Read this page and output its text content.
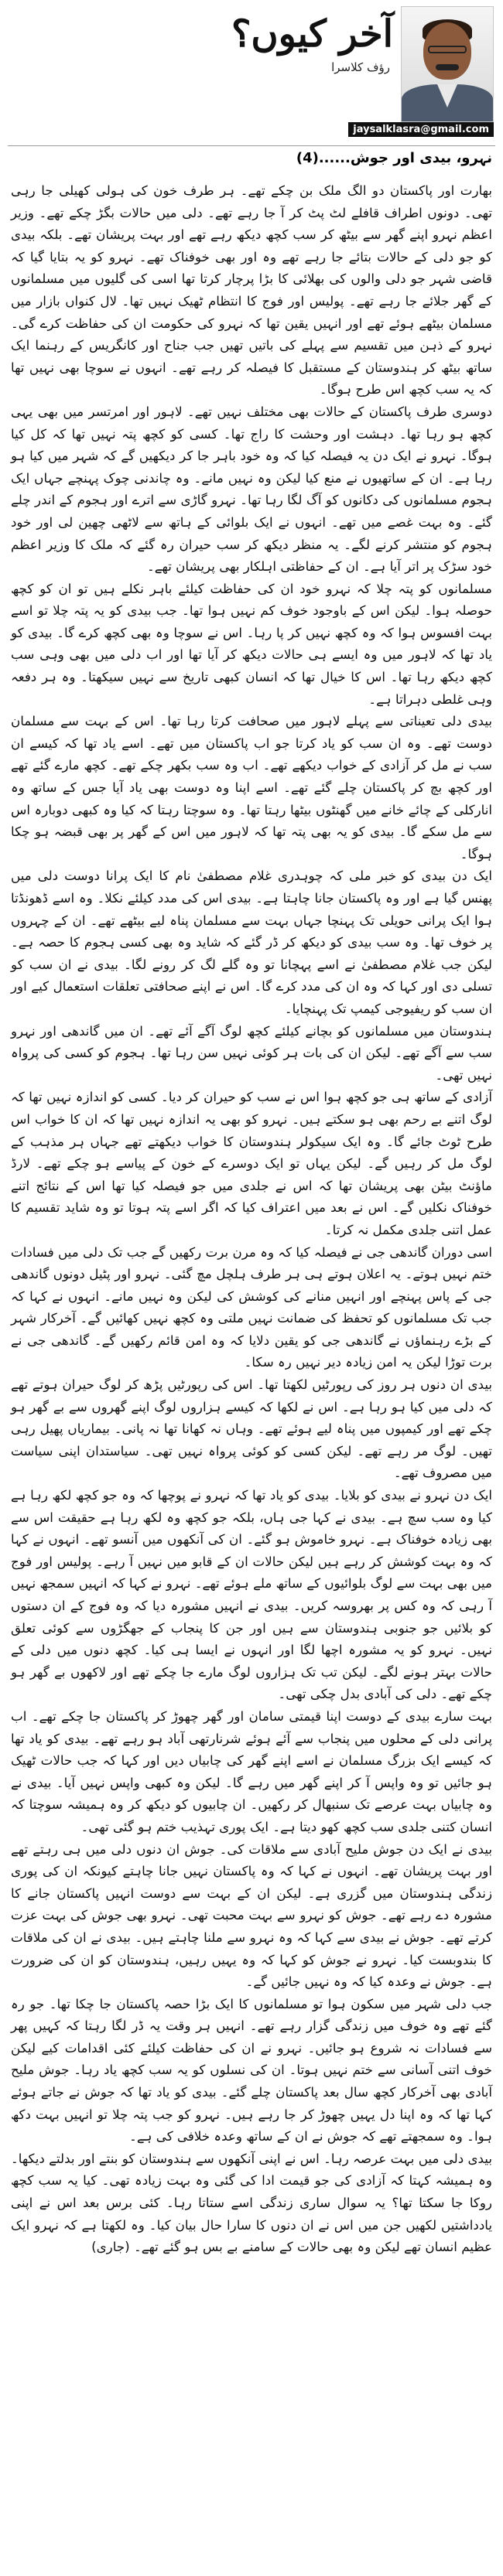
آخر کیوں؟
رؤف کلاسرا
jaysalklasra@gmail.com
نہرو، بیدی اور جوش......(4)

بھارت اور پاکستان دو الگ ملک بن چکے تھے۔ ہر طرف خون کی ہولی کھیلی جا رہی تھی۔ دونوں اطراف قافلے لٹ پٹ کر آ جا رہے تھے۔ دلی میں حالات بگڑ چکے تھے۔ وزیر اعظم نہرو اپنے گھر سے بیٹھ کر سب کچھ دیکھ رہے تھے اور بہت پریشان تھے۔ بلکہ بیدی کو جو دلی کے حالات بتائے جا رہے تھے وہ اور بھی خوفناک تھے۔ نہرو کو یہ بتایا گیا کہ قاضی شہر جو دلی والوں کی بھلائی کا بڑا پرچار کرتا تھا اسی کی گلیوں میں مسلمانوں کے گھر جلائے جا رہے تھے۔ پولیس اور فوج کا انتظام ٹھیک نہیں تھا۔ لال کنواں بازار میں مسلمان بیٹھے ہوئے تھے اور انہیں یقین تھا کہ نہرو کی حکومت ان کی حفاظت کرے گی۔ نہرو کے ذہن میں تقسیم سے پہلے کی باتیں تھیں جب جناح اور کانگریس کے رہنما ایک ساتھ بیٹھ کر ہندوستان کے مستقبل کا فیصلہ کر رہے تھے۔ انہوں نے سوچا بھی نہیں تھا کہ یہ سب کچھ اس طرح ہوگا۔

دوسری طرف پاکستان کے حالات بھی مختلف نہیں تھے۔ لاہور اور امرتسر میں بھی یہی کچھ ہو رہا تھا۔ دہشت اور وحشت کا راج تھا۔ کسی کو کچھ پتہ نہیں تھا کہ کل کیا ہوگا۔ نہرو نے ایک دن یہ فیصلہ کیا کہ وہ خود باہر جا کر دیکھیں گے کہ شہر میں کیا ہو رہا ہے۔ ان کے ساتھیوں نے منع کیا لیکن وہ نہیں مانے۔ وہ چاندنی چوک پہنچے جہاں ایک ہجوم مسلمانوں کی دکانوں کو آگ لگا رہا تھا۔ نہرو گاڑی سے اترے اور ہجوم کے اندر چلے گئے۔ وہ بہت غصے میں تھے۔ انہوں نے ایک بلوائی کے ہاتھ سے لاٹھی چھین لی اور خود ہجوم کو منتشر کرنے لگے۔ یہ منظر دیکھ کر سب حیران رہ گئے کہ ملک کا وزیر اعظم خود سڑک پر اتر آیا ہے۔ ان کے حفاظتی اہلکار بھی پریشان تھے۔

مسلمانوں کو پتہ چلا کہ نہرو خود ان کی حفاظت کیلئے باہر نکلے ہیں تو ان کو کچھ حوصلہ ہوا۔ لیکن اس کے باوجود خوف کم نہیں ہوا تھا۔ جب بیدی کو یہ پتہ چلا تو اسے بہت افسوس ہوا کہ وہ کچھ نہیں کر پا رہا۔ اس نے سوچا وہ بھی کچھ کرے گا۔ بیدی کو یاد تھا کہ لاہور میں وہ ایسے ہی حالات دیکھ کر آیا تھا اور اب دلی میں بھی وہی سب کچھ دیکھ رہا تھا۔ اس کا خیال تھا کہ انسان کبھی تاریخ سے نہیں سیکھتا۔ وہ ہر دفعہ وہی غلطی دہراتا ہے۔

بیدی دلی تعیناتی سے پہلے لاہور میں صحافت کرتا رہا تھا۔ اس کے بہت سے مسلمان دوست تھے۔ وہ ان سب کو یاد کرتا جو اب پاکستان میں تھے۔ اسے یاد تھا کہ کیسے ان سب نے مل کر آزادی کے خواب دیکھے تھے۔ اب وہ سب بکھر چکے تھے۔ کچھ مارے گئے تھے اور کچھ بچ کر پاکستان چلے گئے تھے۔ اسے اپنا وہ دوست بھی یاد آیا جس کے ساتھ وہ انارکلی کے چائے خانے میں گھنٹوں بیٹھا رہتا تھا۔ وہ سوچتا رہتا کہ کیا وہ کبھی دوبارہ اس سے مل سکے گا۔ بیدی کو یہ بھی پتہ تھا کہ لاہور میں اس کے گھر پر بھی قبضہ ہو چکا ہوگا۔

ایک دن بیدی کو خبر ملی کہ چوہدری غلام مصطفیٰ نام کا ایک پرانا دوست دلی میں پھنس گیا ہے اور وہ پاکستان جانا چاہتا ہے۔ بیدی اس کی مدد کیلئے نکلا۔ وہ اسے ڈھونڈتا ہوا ایک پرانی حویلی تک پہنچا جہاں بہت سے مسلمان پناہ لیے بیٹھے تھے۔ ان کے چہروں پر خوف تھا۔ وہ سب بیدی کو دیکھ کر ڈر گئے کہ شاید وہ بھی کسی ہجوم کا حصہ ہے۔ لیکن جب غلام مصطفیٰ نے اسے پہچانا تو وہ گلے لگ کر رونے لگا۔ بیدی نے ان سب کو تسلی دی اور کہا کہ وہ ان کی مدد کرے گا۔ اس نے اپنے صحافتی تعلقات استعمال کیے اور ان سب کو ریفیوجی کیمپ تک پہنچایا۔

ہندوستان میں مسلمانوں کو بچانے کیلئے کچھ لوگ آگے آئے تھے۔ ان میں گاندھی اور نہرو سب سے آگے تھے۔ لیکن ان کی بات ہر کوئی نہیں سن رہا تھا۔ ہجوم کو کسی کی پرواہ نہیں تھی۔

آزادی کے ساتھ ہی جو کچھ ہوا اس نے سب کو حیران کر دیا۔ کسی کو اندازہ نہیں تھا کہ لوگ اتنے بے رحم بھی ہو سکتے ہیں۔ نہرو کو بھی یہ اندازہ نہیں تھا کہ ان کا خواب اس طرح ٹوٹ جائے گا۔ وہ ایک سیکولر ہندوستان کا خواب دیکھتے تھے جہاں ہر مذہب کے لوگ مل کر رہیں گے۔ لیکن یہاں تو ایک دوسرے کے خون کے پیاسے ہو چکے تھے۔ لارڈ ماؤنٹ بیٹن بھی پریشان تھا کہ اس نے جلدی میں جو فیصلہ کیا تھا اس کے نتائج اتنے خوفناک نکلیں گے۔ اس نے بعد میں اعتراف کیا کہ اگر اسے پتہ ہوتا تو وہ شاید تقسیم کا عمل اتنی جلدی مکمل نہ کرتا۔

اسی دوران گاندھی جی نے فیصلہ کیا کہ وہ مرن برت رکھیں گے جب تک دلی میں فسادات ختم نہیں ہوتے۔ یہ اعلان ہوتے ہی ہر طرف ہلچل مچ گئی۔ نہرو اور پٹیل دونوں گاندھی جی کے پاس پہنچے اور انہیں منانے کی کوشش کی لیکن وہ نہیں مانے۔ انہوں نے کہا کہ جب تک مسلمانوں کو تحفظ کی ضمانت نہیں ملتی وہ کچھ نہیں کھائیں گے۔ آخرکار شہر کے بڑے رہنماؤں نے گاندھی جی کو یقین دلایا کہ وہ امن قائم رکھیں گے۔ گاندھی جی نے برت توڑا لیکن یہ امن زیادہ دیر نہیں رہ سکا۔

بیدی ان دنوں ہر روز کی رپورٹیں لکھتا تھا۔ اس کی رپورٹیں پڑھ کر لوگ حیران ہوتے تھے کہ دلی میں کیا ہو رہا ہے۔ اس نے لکھا کہ کیسے ہزاروں لوگ اپنے گھروں سے بے گھر ہو چکے تھے اور کیمپوں میں پناہ لیے ہوئے تھے۔ وہاں نہ کھانا تھا نہ پانی۔ بیماریاں پھیل رہی تھیں۔ لوگ مر رہے تھے۔ لیکن کسی کو کوئی پرواہ نہیں تھی۔ سیاستدان اپنی سیاست میں مصروف تھے۔

ایک دن نہرو نے بیدی کو بلایا۔ بیدی کو یاد تھا کہ نہرو نے پوچھا کہ وہ جو کچھ لکھ رہا ہے کیا وہ سب سچ ہے۔ بیدی نے کہا جی ہاں، بلکہ جو کچھ وہ لکھ رہا ہے حقیقت اس سے بھی زیادہ خوفناک ہے۔ نہرو خاموش ہو گئے۔ ان کی آنکھوں میں آنسو تھے۔ انہوں نے کہا کہ وہ بہت کوشش کر رہے ہیں لیکن حالات ان کے قابو میں نہیں آ رہے۔ پولیس اور فوج میں بھی بہت سے لوگ بلوائیوں کے ساتھ ملے ہوئے تھے۔ نہرو نے کہا کہ انہیں سمجھ نہیں آ رہی کہ وہ کس پر بھروسہ کریں۔ بیدی نے انہیں مشورہ دیا کہ وہ فوج کے ان دستوں کو بلائیں جو جنوبی ہندوستان سے ہیں اور جن کا پنجاب کے جھگڑوں سے کوئی تعلق نہیں۔ نہرو کو یہ مشورہ اچھا لگا اور انہوں نے ایسا ہی کیا۔ کچھ دنوں میں دلی کے حالات بہتر ہونے لگے۔ لیکن تب تک ہزاروں لوگ مارے جا چکے تھے اور لاکھوں بے گھر ہو چکے تھے۔ دلی کی آبادی بدل چکی تھی۔

بہت سارے بیدی کے دوست اپنا قیمتی سامان اور گھر چھوڑ کر پاکستان جا چکے تھے۔ اب پرانی دلی کے محلوں میں پنجاب سے آئے ہوئے شرنارتھی آباد ہو رہے تھے۔ بیدی کو یاد تھا کہ کیسے ایک بزرگ مسلمان نے اسے اپنے گھر کی چابیاں دیں اور کہا کہ جب حالات ٹھیک ہو جائیں تو وہ واپس آ کر اپنے گھر میں رہے گا۔ لیکن وہ کبھی واپس نہیں آیا۔ بیدی نے وہ چابیاں بہت عرصے تک سنبھال کر رکھیں۔ ان چابیوں کو دیکھ کر وہ ہمیشہ سوچتا کہ انسان کتنی جلدی سب کچھ کھو دیتا ہے۔ ایک پوری تہذیب ختم ہو گئی تھی۔

بیدی نے ایک دن جوش ملیح آبادی سے ملاقات کی۔ جوش ان دنوں دلی میں ہی رہتے تھے اور بہت پریشان تھے۔ انہوں نے کہا کہ وہ پاکستان نہیں جانا چاہتے کیونکہ ان کی پوری زندگی ہندوستان میں گزری ہے۔ لیکن ان کے بہت سے دوست انہیں پاکستان جانے کا مشورہ دے رہے تھے۔ جوش کو نہرو سے بہت محبت تھی۔ نہرو بھی جوش کی بہت عزت کرتے تھے۔ جوش نے بیدی سے کہا کہ وہ نہرو سے ملنا چاہتے ہیں۔ بیدی نے ان کی ملاقات کا بندوبست کیا۔ نہرو نے جوش کو کہا کہ وہ یہیں رہیں، ہندوستان کو ان کی ضرورت ہے۔ جوش نے وعدہ کیا کہ وہ نہیں جائیں گے۔

جب دلی شہر میں سکون ہوا تو مسلمانوں کا ایک بڑا حصہ پاکستان جا چکا تھا۔ جو رہ گئے تھے وہ خوف میں زندگی گزار رہے تھے۔ انہیں ہر وقت یہ ڈر لگا رہتا کہ کہیں پھر سے فسادات نہ شروع ہو جائیں۔ نہرو نے ان کی حفاظت کیلئے کئی اقدامات کیے لیکن خوف اتنی آسانی سے ختم نہیں ہوتا۔ ان کی نسلوں کو یہ سب کچھ یاد رہا۔ جوش ملیح آبادی بھی آخرکار کچھ سال بعد پاکستان چلے گئے۔ بیدی کو یاد تھا کہ جوش نے جاتے ہوئے کہا تھا کہ وہ اپنا دل یہیں چھوڑ کر جا رہے ہیں۔ نہرو کو جب پتہ چلا تو انہیں بہت دکھ ہوا۔ وہ سمجھتے تھے کہ جوش نے ان کے ساتھ وعدہ خلافی کی ہے۔

بیدی دلی میں بہت عرصہ رہا۔ اس نے اپنی آنکھوں سے ہندوستان کو بنتے اور بدلتے دیکھا۔ وہ ہمیشہ کہتا کہ آزادی کی جو قیمت ادا کی گئی وہ بہت زیادہ تھی۔ کیا یہ سب کچھ روکا جا سکتا تھا؟ یہ سوال ساری زندگی اسے ستاتا رہا۔ کئی برس بعد اس نے اپنی یادداشتیں لکھیں جن میں اس نے ان دنوں کا سارا حال بیان کیا۔ وہ لکھتا ہے کہ نہرو ایک عظیم انسان تھے لیکن وہ بھی حالات کے سامنے بے بس ہو گئے تھے۔ (جاری)
